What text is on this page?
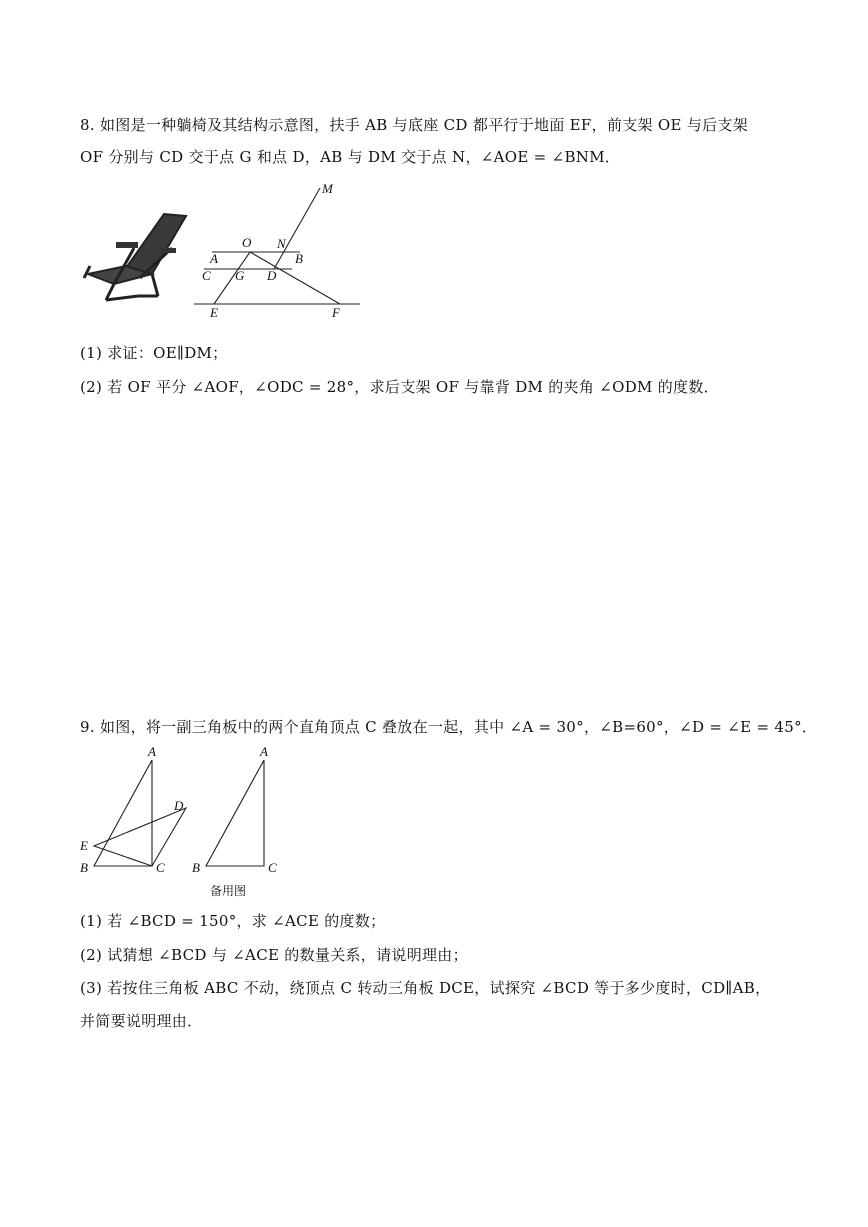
8. 如图是一种躺椅及其结构示意图，扶手 AB 与底座 CD 都平行于地面 EF，前支架 OE 与后支架
OF 分别与 CD 交于点 G 和点 D，AB 与 DM 交于点 N，∠AOE = ∠BNM．
M
O N
A	B
C G D
E	F
(1) 求证：OE∥DM；
(2) 若 OF 平分 ∠AOF，∠ODC = 28°，求后支架 OF 与靠背 DM 的夹角 ∠ODM 的度数．
9. 如图，将一副三角板中的两个直角顶点 C 叠放在一起，其中 ∠A = 30°，∠B=60°，∠D = ∠E = 45°．
A
D
E
B	C
A
B	C
备用图
(1) 若 ∠BCD = 150°，求 ∠ACE 的度数；
(2) 试猜想 ∠BCD 与 ∠ACE 的数量关系，请说明理由；
(3) 若按住三角板 ABC 不动，绕顶点 C 转动三角板 DCE，试探究 ∠BCD 等于多少度时，CD∥AB，
并简要说明理由．
